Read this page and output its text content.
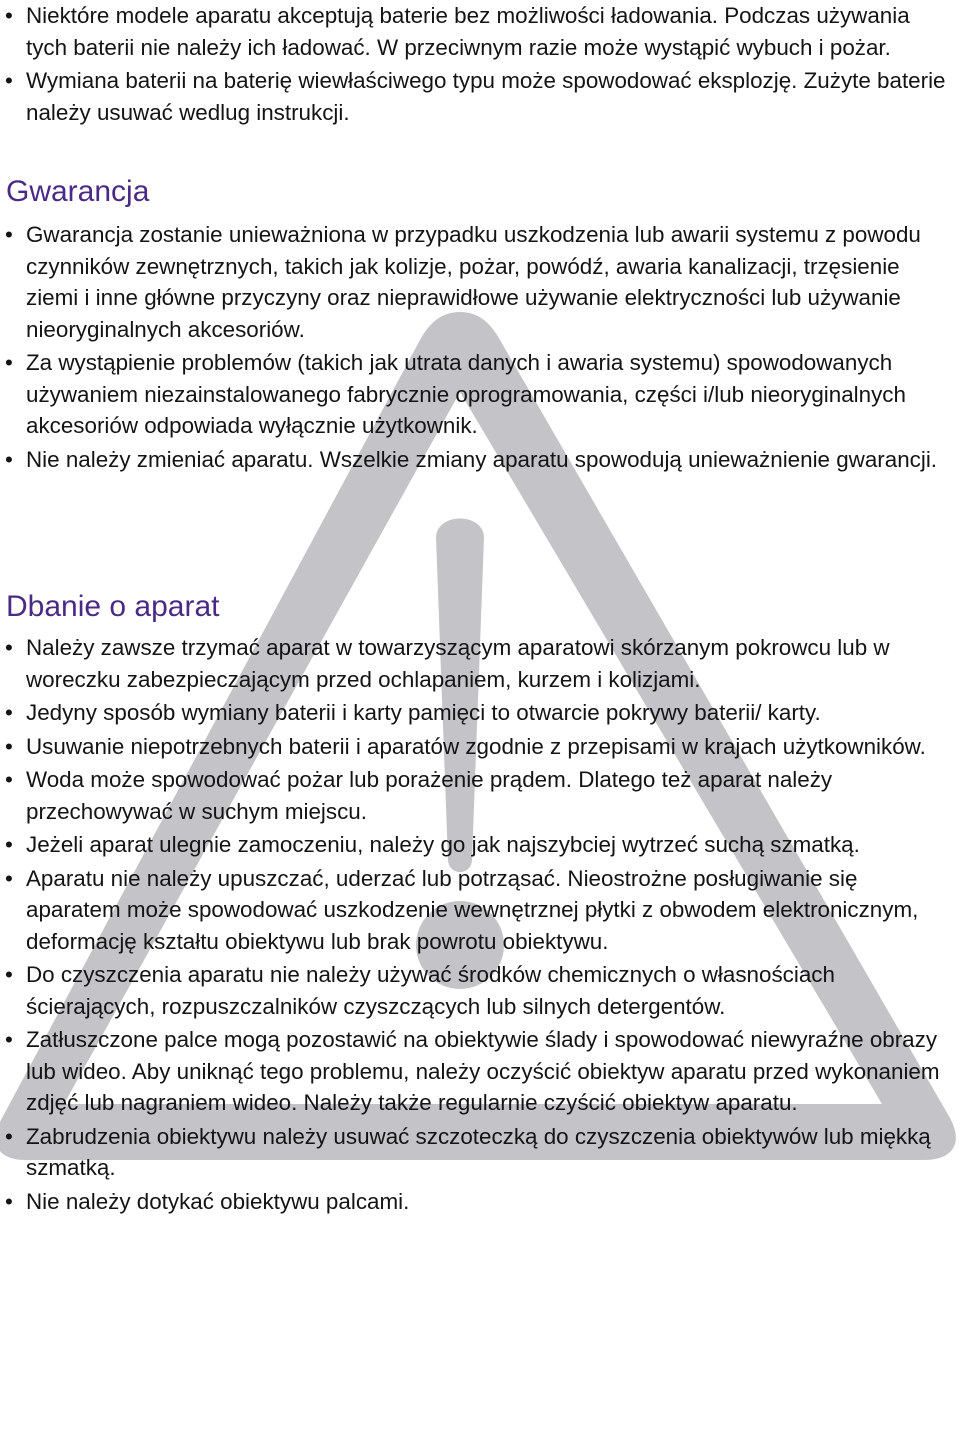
• Niektóre modele aparatu akceptują baterie bez możliwości ładowania. Podczas używania tych baterii nie należy ich ładować. W przeciwnym razie może wystąpić wybuch i pożar.
• Wymiana baterii na baterię wiewłaściwego typu może spowodować eksplozję. Zużyte baterie należy usuwać wedlug instrukcji.
Gwarancja
• Gwarancja zostanie unieważniona w przypadku uszkodzenia lub awarii systemu z powodu czynników zewnętrznych, takich jak kolizje, pożar, powódź, awaria kanalizacji, trzęsienie ziemi i inne główne przyczyny oraz nieprawidłowe używanie elektryczności lub używanie nieoryginalnych akcesoriów.
• Za wystąpienie problemów (takich jak utrata danych i awaria systemu) spowodowanych używaniem niezainstalowanego fabrycznie oprogramowania, części i/lub nieoryginalnych akcesoriów odpowiada wyłącznie użytkownik.
• Nie należy zmieniać aparatu. Wszelkie zmiany aparatu spowodują unieważnienie gwarancji.
Dbanie o aparat
• Należy zawsze trzymać aparat w towarzyszącym aparatowi skórzanym pokrowcu lub w woreczku zabezpieczającym przed ochlapaniem, kurzem i kolizjami.
• Jedyny sposób wymiany baterii i karty pamięci to otwarcie pokrywy baterii/ karty.
• Usuwanie niepotrzebnych baterii i aparatów zgodnie z przepisami w krajach użytkowników.
• Woda może spowodować pożar lub porażenie prądem. Dlatego też aparat należy przechowywać w suchym miejscu.
• Jeżeli aparat ulegnie zamoczeniu, należy go jak najszybciej wytrzeć suchą szmatką.
• Aparatu nie należy upuszczać, uderzać lub potrząsać. Nieostrożne posługiwanie się aparatem może spowodować uszkodzenie wewnętrznej płytki z obwodem elektronicznym, deformację kształtu obiektywu lub brak powrotu obiektywu.
• Do czyszczenia aparatu nie należy używać środków chemicznych o własnościach ścierających, rozpuszczalników czyszczących lub silnych detergentów.
• Zatłuszczone palce mogą pozostawić na obiektywie ślady i spowodować niewyraźne obrazy lub wideo. Aby uniknąć tego problemu, należy oczyścić obiektyw aparatu przed wykonaniem zdjęć lub nagraniem wideo. Należy także regularnie czyścić obiektyw aparatu.
• Zabrudzenia obiektywu należy usuwać szczoteczką do czyszczenia obiektywów lub miękką szmatką.
• Nie należy dotykać obiektywu palcami.
